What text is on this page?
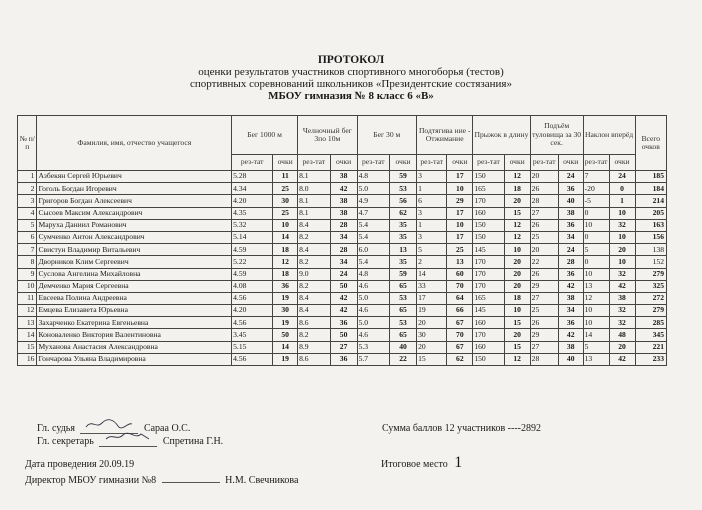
ПРОТОКОЛ
оценки результатов участников спортивного многоборья (тестов)
спортивных соревнований школьников «Президентские состязания»
МБОУ гимназия № 8 класс 6 «В»
№ п/п	Фамилия, имя, отчество учащегося	Бег 1000 м		Челночный бег 3по 10м		Бег 30 м		Подтягива ние - Отжимание		Прыжок в длину		Подъём туловища за 30 сек.		Наклон вперёд		Всего очков
		рез-тат	очки	рез-тат	очки	рез-тат	очки	рез-тат	очки	рез-тат	очки	рез-тат	очки	рез-тат	очки	
1	Азбекян Сергей Юрьевич	5.28	11	8.1	38	4.8	59	3	17	150	12	20	24	7	24	185
2	Гоголь Богдан Игоревич	4.34	25	8.0	42	5.0	53	1	10	165	18	26	36	-20	0	184
3	Григоров Богдан Алексеевич	4.20	30	8.1	38	4.9	56	6	29	170	20	28	40	-5	1	214
4	Сысоев Максим Александрович	4.35	25	8.1	38	4.7	62	3	17	160	15	27	38	0	10	205
5	Маруха Даниил Романович	5.32	10	8.4	28	5.4	35	1	10	150	12	26	36	10	32	163
6	Сумченко Антон Александрович	5.14	14	8.2	34	5.4	35	3	17	150	12	25	34	0	10	156
7	Свистун Владимир Витальевич	4.59	18	8.4	28	6.0	13	5	25	145	10	20	24	5	20	138
8	Дворников Клим Сергеевич	5.22	12	8.2	34	5.4	35	2	13	170	20	22	28	0	10	152
9	Суслова Ангелина Михайловна	4.59	18	9.0	24	4.8	59	14	60	170	20	26	36	10	32	279
10	Демченко Мария Сергеевна	4.08	36	8.2	50	4.6	65	33	70	170	20	29	42	13	42	325
11	Евсеева Полина Андреевна	4.56	19	8.4	42	5.0	53	17	64	165	18	27	38	12	38	272
12	Емцева Елизавета Юрьевна	4.20	30	8.4	42	4.6	65	19	66	145	10	25	34	10	32	279
13	Захарченко Екатерина Евгеньевна	4.56	19	8.6	36	5.0	53	20	67	160	15	26	36	10	32	285
14	Коноваленко Виктория Валентиновна	3.45	50	8.2	50	4.6	65	30	70	170	20	29	42	14	48	345
15	Муханова Анастасия Александровна	5.15	14	8.9	27	5.3	40	20	67	160	15	27	38	5	20	221
16	Гончарова Ульяна Владимировна	4.56	19	8.6	36	5.7	22	15	62	150	12	28	40	13	42	233
Гл. судья	Сараа О.С.	Сумма баллов 12 участников ----2892
Гл. секретарь	Спретина Г.Н.
Дата проведения 20.09.19	Итоговое место 1
Директор МБОУ гимназии №8	Н.М. Свечникова
